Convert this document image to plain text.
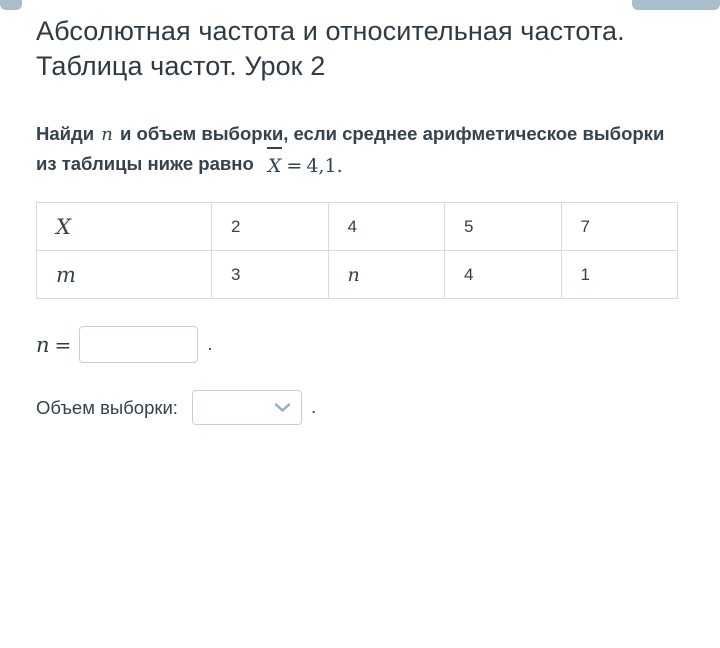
Абсолютная частота и относительная частота. Таблица частот. Урок 2
Найди n и объем выборки, если среднее арифметическое выборки из таблицы ниже равно X = 4,1.
X	2	4	5	7
m	3	n	4	1
n =	.
Объем выборки:	.
